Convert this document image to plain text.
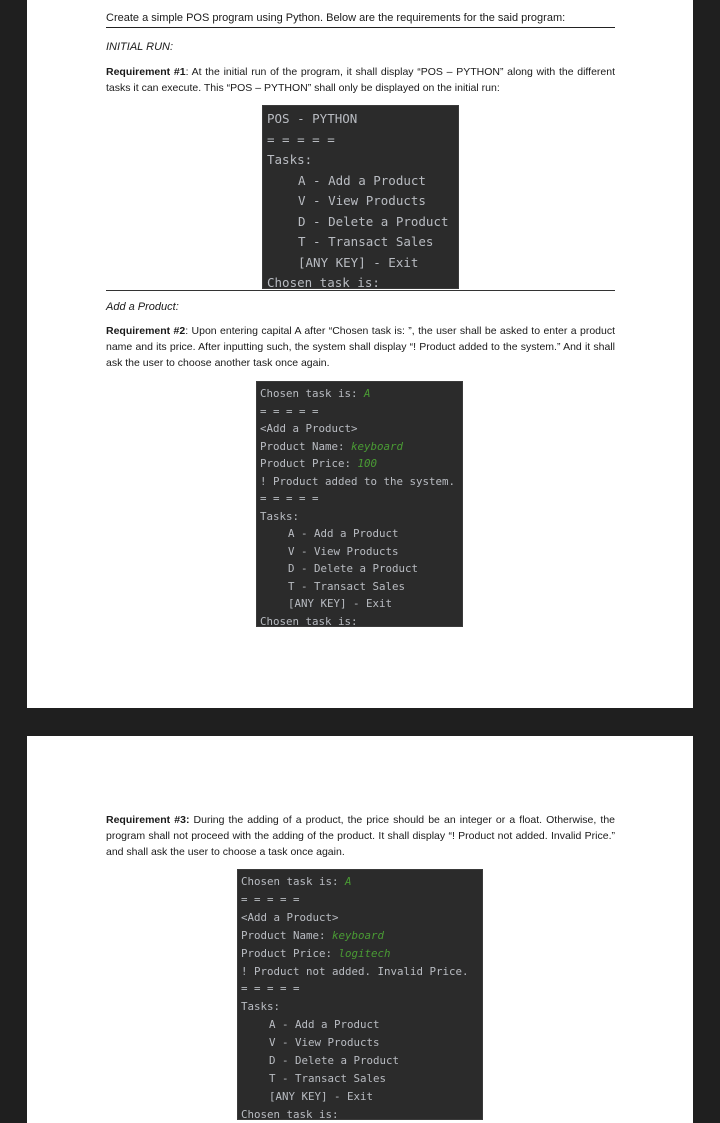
Create a simple POS program using Python. Below are the requirements for the said program:
INITIAL RUN:
Requirement #1: At the initial run of the program, it shall display “POS – PYTHON” along with the different tasks it can execute. This “POS – PYTHON” shall only be displayed on the initial run:
Add a Product:
Requirement #2: Upon entering capital A after “Chosen task is: ”, the user shall be asked to enter a product name and its price. After inputting such, the system shall display “! Product added to the system.” And it shall ask the user to choose another task once again.
POS - PYTHON
= = = = =
Tasks:
A - Add a Product
V - View Products
D - Delete a Product
T - Transact Sales
[ANY KEY] - Exit
Chosen task is:
Chosen task is: A
= = = = =
<Add a Product>
Product Name: keyboard
Product Price: 100
! Product added to the system.
= = = = =
Tasks:
A - Add a Product
V - View Products
D - Delete a Product
T - Transact Sales
[ANY KEY] - Exit
Chosen task is:
Requirement #3: During the adding of a product, the price should be an integer or a float. Otherwise, the program shall not proceed with the adding of the product. It shall display “! Product not added. Invalid Price.” and shall ask the user to choose a task once again.
Chosen task is: A
= = = = =
<Add a Product>
Product Name: keyboard
Product Price: logitech
! Product not added. Invalid Price.
= = = = =
Tasks:
A - Add a Product
V - View Products
D - Delete a Product
T - Transact Sales
[ANY KEY] - Exit
Chosen task is:
